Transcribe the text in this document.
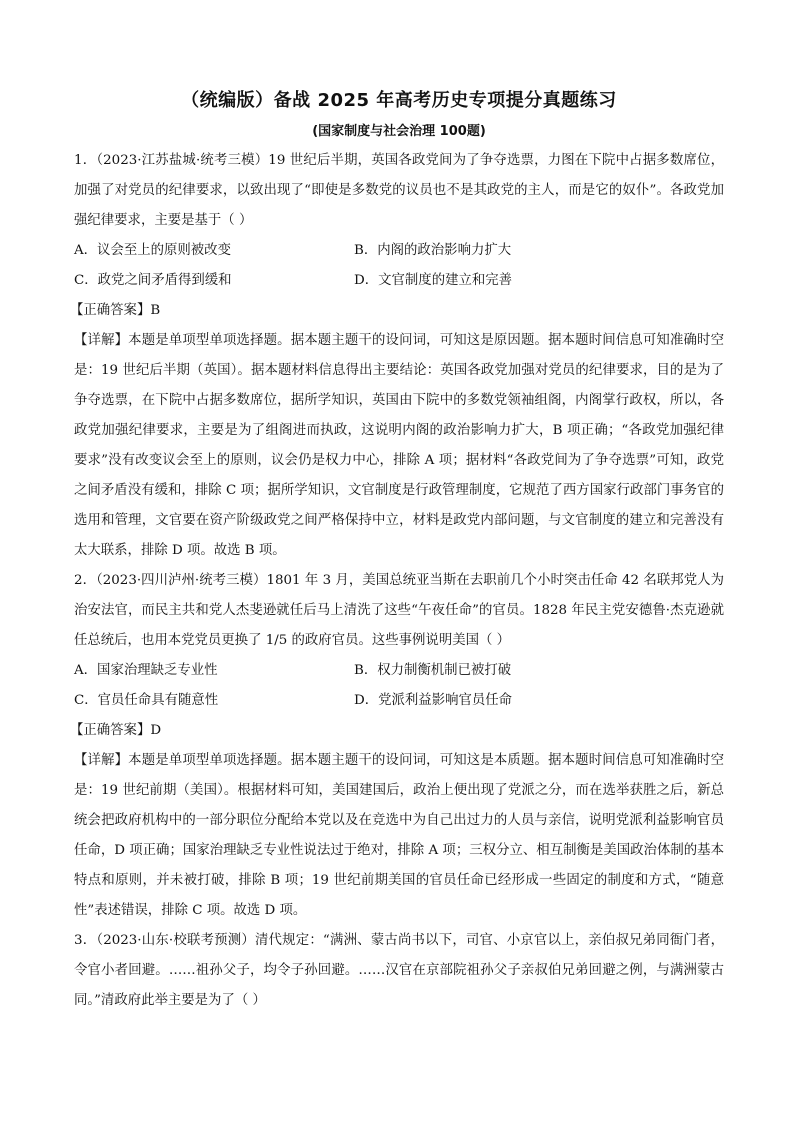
（统编版）备战 2025 年高考历史专项提分真题练习
(国家制度与社会治理 100题)

1．（2023·江苏盐城·统考三模）19 世纪后半期，英国各政党间为了争夺选票，力图在下院中占据多数席位，加强了对党员的纪律要求，以致出现了“即使是多数党的议员也不是其政党的主人，而是它的奴仆”。各政党加强纪律要求，主要是基于（ ）

A．议会至上的原则被改变	B．内阁的政治影响力扩大
C．政党之间矛盾得到缓和	D．文官制度的建立和完善

【正确答案】B

【详解】本题是单项型单项选择题。据本题主题干的设问词，可知这是原因题。据本题时间信息可知准确时空是：19 世纪后半期（英国）。据本题材料信息得出主要结论：英国各政党加强对党员的纪律要求，目的是为了争夺选票，在下院中占据多数席位，据所学知识，英国由下院中的多数党领袖组阁，内阁掌行政权，所以，各政党加强纪律要求，主要是为了组阁进而执政，这说明内阁的政治影响力扩大，B 项正确；“各政党加强纪律要求”没有改变议会至上的原则，议会仍是权力中心，排除 A 项；据材料“各政党间为了争夺选票”可知，政党之间矛盾没有缓和，排除 C 项；据所学知识，文官制度是行政管理制度，它规范了西方国家行政部门事务官的选用和管理，文官要在资产阶级政党之间严格保持中立，材料是政党内部问题，与文官制度的建立和完善没有太大联系，排除 D 项。故选 B 项。

2．（2023·四川泸州·统考三模）1801 年 3 月，美国总统亚当斯在去职前几个小时突击任命 42 名联邦党人为治安法官，而民主共和党人杰斐逊就任后马上清洗了这些“午夜任命”的官员。1828 年民主党安德鲁·杰克逊就任总统后，也用本党党员更换了 1/5 的政府官员。这些事例说明美国（ ）

A．国家治理缺乏专业性	B．权力制衡机制已被打破
C．官员任命具有随意性	D．党派利益影响官员任命

【正确答案】D

【详解】本题是单项型单项选择题。据本题主题干的设问词，可知这是本质题。据本题时间信息可知准确时空是：19 世纪前期（美国）。根据材料可知，美国建国后，政治上便出现了党派之分，而在选举获胜之后，新总统会把政府机构中的一部分职位分配给本党以及在竞选中为自己出过力的人员与亲信，说明党派利益影响官员任命，D 项正确；国家治理缺乏专业性说法过于绝对，排除 A 项；三权分立、相互制衡是美国政治体制的基本特点和原则，并未被打破，排除 B 项；19 世纪前期美国的官员任命已经形成一些固定的制度和方式，“随意性”表述错误，排除 C 项。故选 D 项。

3．（2023·山东·校联考预测）清代规定：“满洲、蒙古尚书以下，司官、小京官以上，亲伯叔兄弟同衙门者，令官小者回避。……祖孙父子，均令子孙回避。……汉官在京部院祖孙父子亲叔伯兄弟回避之例，与满洲蒙古同。”清政府此举主要是为了（ ）
